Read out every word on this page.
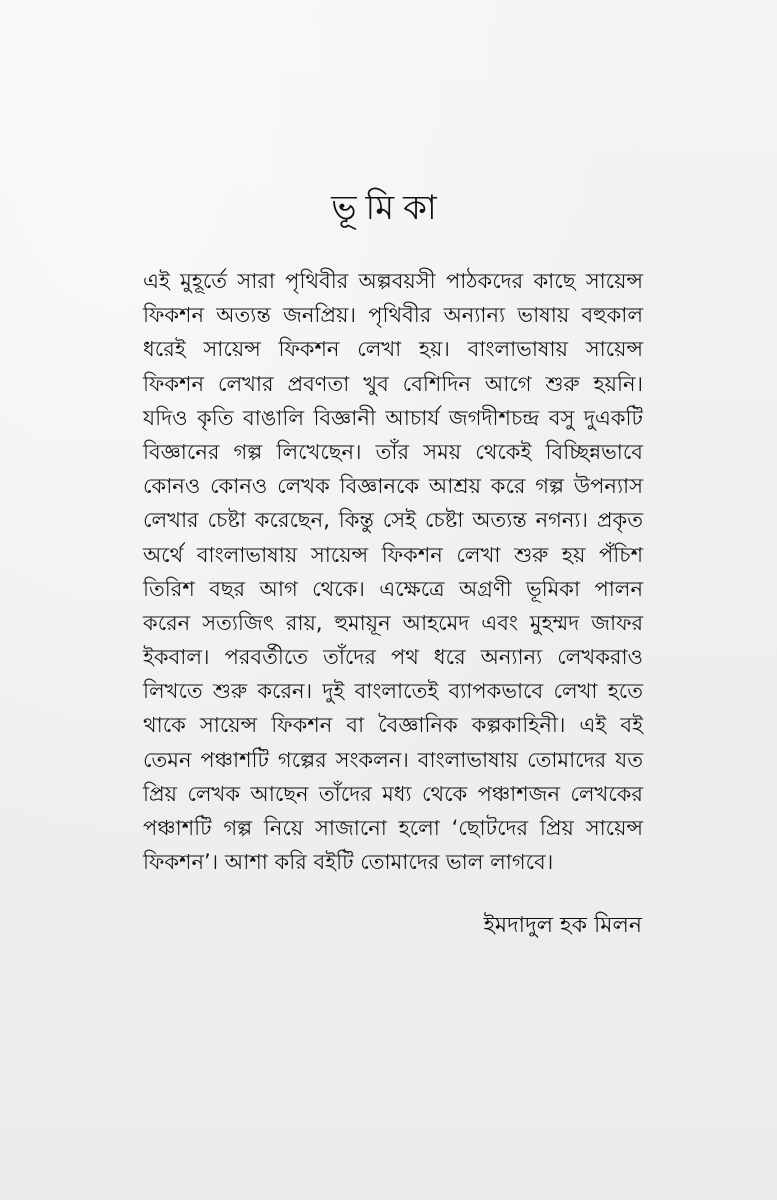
ভূমিকা
এই মুহূর্তে সারা পৃথিবীর অল্পবয়সী পাঠকদের কাছে সায়েন্স
ফিকশন অত্যন্ত জনপ্রিয়। পৃথিবীর অন্যান্য ভাষায় বহুকাল
ধরেই সায়েন্স ফিকশন লেখা হয়। বাংলাভাষায় সায়েন্স
ফিকশন লেখার প্রবণতা খুব বেশিদিন আগে শুরু হয়নি।
যদিও কৃতি বাঙালি বিজ্ঞানী আচার্য জগদীশচন্দ্র বসু দুএকটি
বিজ্ঞানের গল্প লিখেছেন। তাঁর সময় থেকেই বিচ্ছিন্নভাবে
কোনও কোনও লেখক বিজ্ঞানকে আশ্রয় করে গল্প উপন্যাস
লেখার চেষ্টা করেছেন, কিন্তু সেই চেষ্টা অত্যন্ত নগন্য। প্রকৃত
অর্থে বাংলাভাষায় সায়েন্স ফিকশন লেখা শুরু হয় পঁচিশ
তিরিশ বছর আগ থেকে। এক্ষেত্রে অগ্রণী ভূমিকা পালন
করেন সত্যজিৎ রায়, হুমায়ূন আহমেদ এবং মুহম্মদ জাফর
ইকবাল। পরবর্তীতে তাঁদের পথ ধরে অন্যান্য লেখকরাও
লিখতে শুরু করেন। দুই বাংলাতেই ব্যাপকভাবে লেখা হতে
থাকে সায়েন্স ফিকশন বা বৈজ্ঞানিক কল্পকাহিনী। এই বই
তেমন পঞ্চাশটি গল্পের সংকলন। বাংলাভাষায় তোমাদের যত
প্রিয় লেখক আছেন তাঁদের মধ্য থেকে পঞ্চাশজন লেখকের
পঞ্চাশটি গল্প নিয়ে সাজানো হলো ‘ছোটদের প্রিয় সায়েন্স
ফিকশন’। আশা করি বইটি তোমাদের ভাল লাগবে।
ইমদাদুল হক মিলন
